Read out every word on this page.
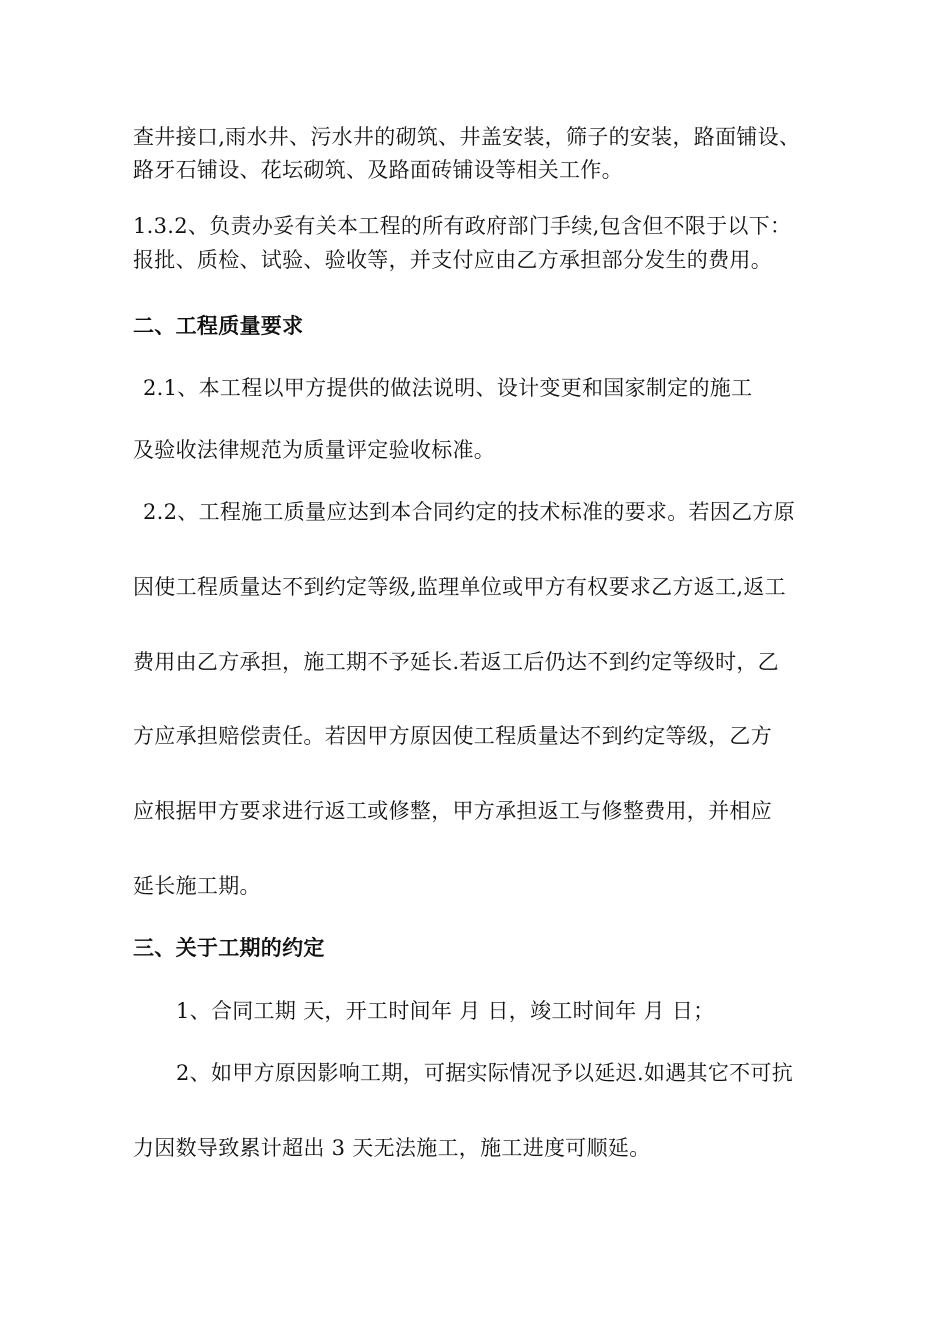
查井接口,雨水井、污水井的砌筑、井盖安装，筛子的安装，路面铺设、
路牙石铺设、花坛砌筑、及路面砖铺设等相关工作。
1.3.2、负责办妥有关本工程的所有政府部门手续,包含但不限于以下：
报批、质检、试验、验收等，并支付应由乙方承担部分发生的费用。
二、工程质量要求
2.1、本工程以甲方提供的做法说明、设计变更和国家制定的施工
及验收法律规范为质量评定验收标准。
2.2、工程施工质量应达到本合同约定的技术标准的要求。若因乙方原
因使工程质量达不到约定等级,监理单位或甲方有权要求乙方返工,返工
费用由乙方承担，施工期不予延长.若返工后仍达不到约定等级时，乙
方应承担赔偿责任。若因甲方原因使工程质量达不到约定等级，乙方
应根据甲方要求进行返工或修整，甲方承担返工与修整费用，并相应
延长施工期。
三、关于工期的约定
1、合同工期 天，开工时间年 月 日，竣工时间年 月 日；
2、如甲方原因影响工期，可据实际情况予以延迟.如遇其它不可抗
力因数导致累计超出 3 天无法施工，施工进度可顺延。
